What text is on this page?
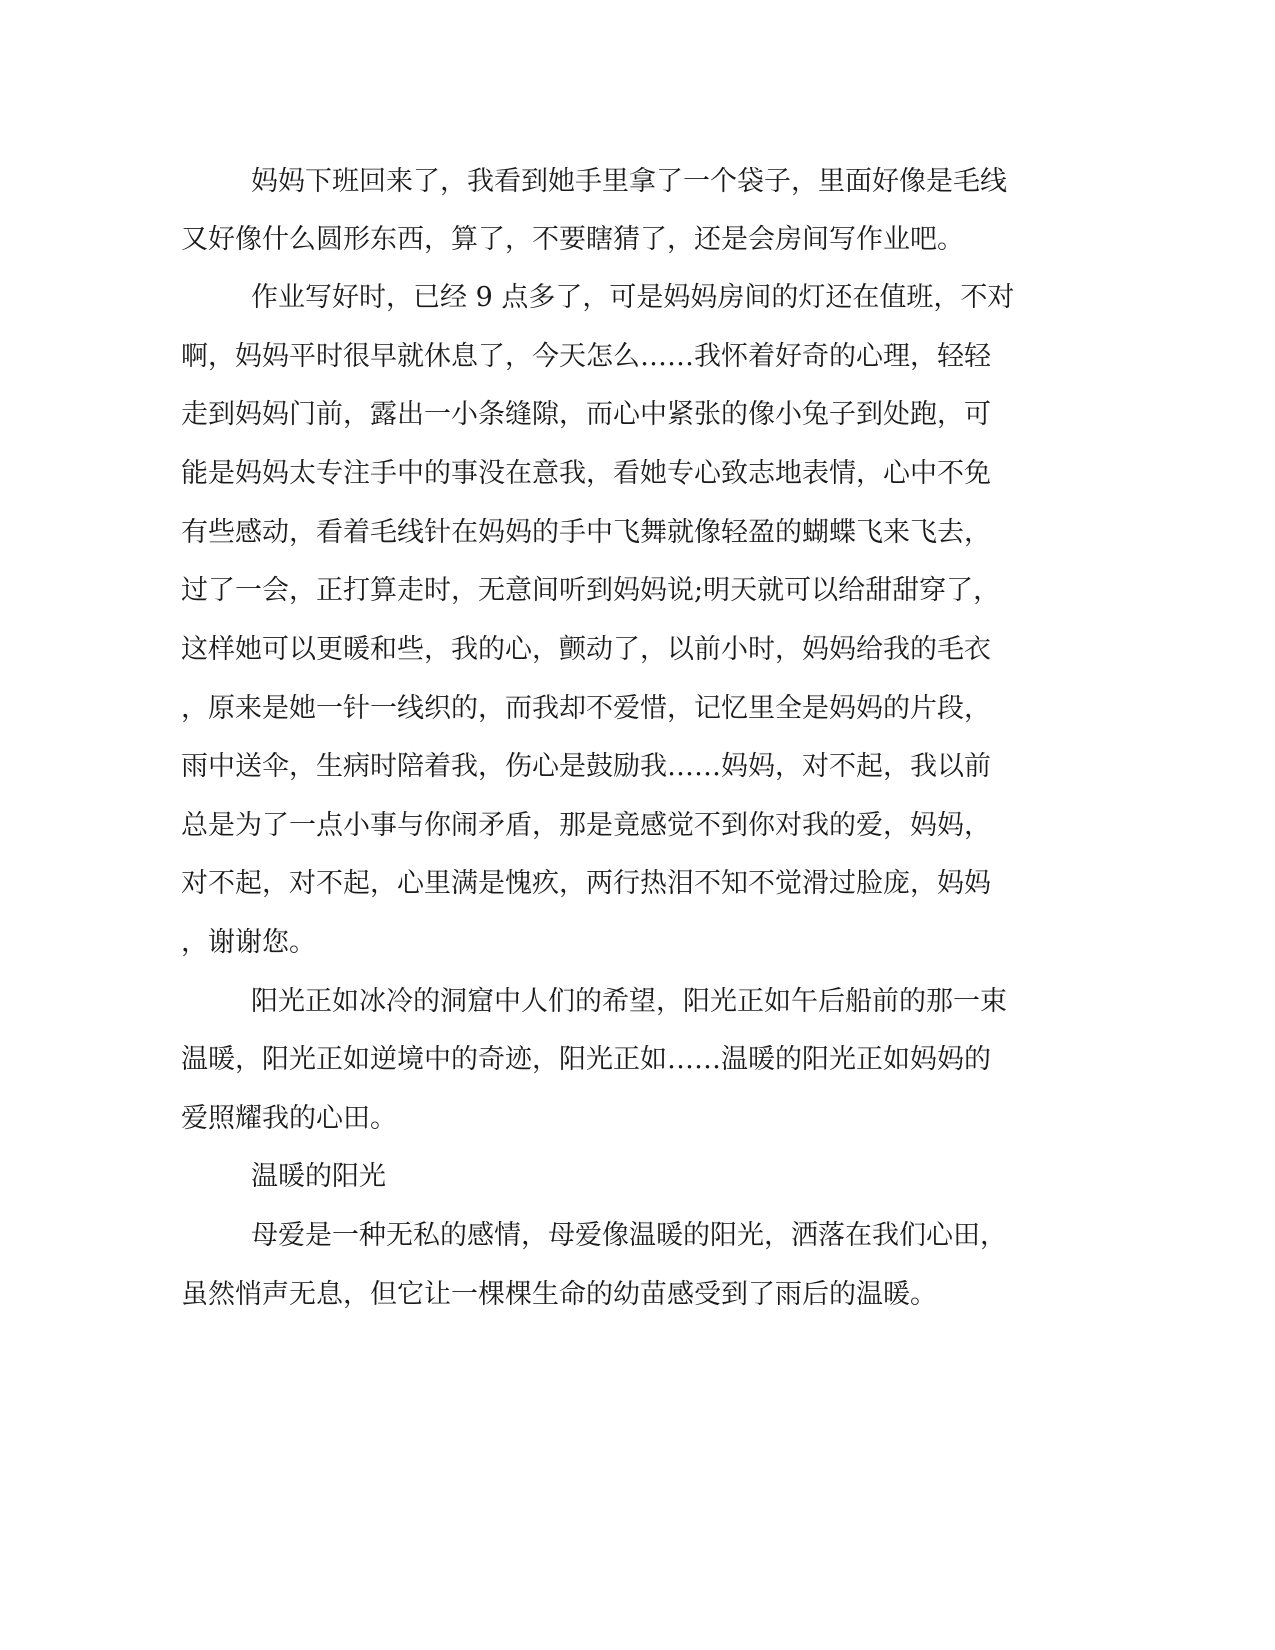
妈妈下班回来了，我看到她手里拿了一个袋子，里面好像是毛线
又好像什么圆形东西，算了，不要瞎猜了，还是会房间写作业吧。
作业写好时，已经 9 点多了，可是妈妈房间的灯还在值班，不对
啊，妈妈平时很早就休息了，今天怎么……我怀着好奇的心理，轻轻
走到妈妈门前，露出一小条缝隙，而心中紧张的像小兔子到处跑，可
能是妈妈太专注手中的事没在意我，看她专心致志地表情，心中不免
有些感动，看着毛线针在妈妈的手中飞舞就像轻盈的蝴蝶飞来飞去，
过了一会，正打算走时，无意间听到妈妈说;明天就可以给甜甜穿了，
这样她可以更暖和些，我的心，颤动了，以前小时，妈妈给我的毛衣
，原来是她一针一线织的，而我却不爱惜，记忆里全是妈妈的片段，
雨中送伞，生病时陪着我，伤心是鼓励我……妈妈，对不起，我以前
总是为了一点小事与你闹矛盾，那是竟感觉不到你对我的爱，妈妈，
对不起，对不起，心里满是愧疚，两行热泪不知不觉滑过脸庞，妈妈
，谢谢您。
阳光正如冰冷的洞窟中人们的希望，阳光正如午后船前的那一束
温暖，阳光正如逆境中的奇迹，阳光正如……温暖的阳光正如妈妈的
爱照耀我的心田。
温暖的阳光
母爱是一种无私的感情，母爱像温暖的阳光，洒落在我们心田，
虽然悄声无息，但它让一棵棵生命的幼苗感受到了雨后的温暖。
